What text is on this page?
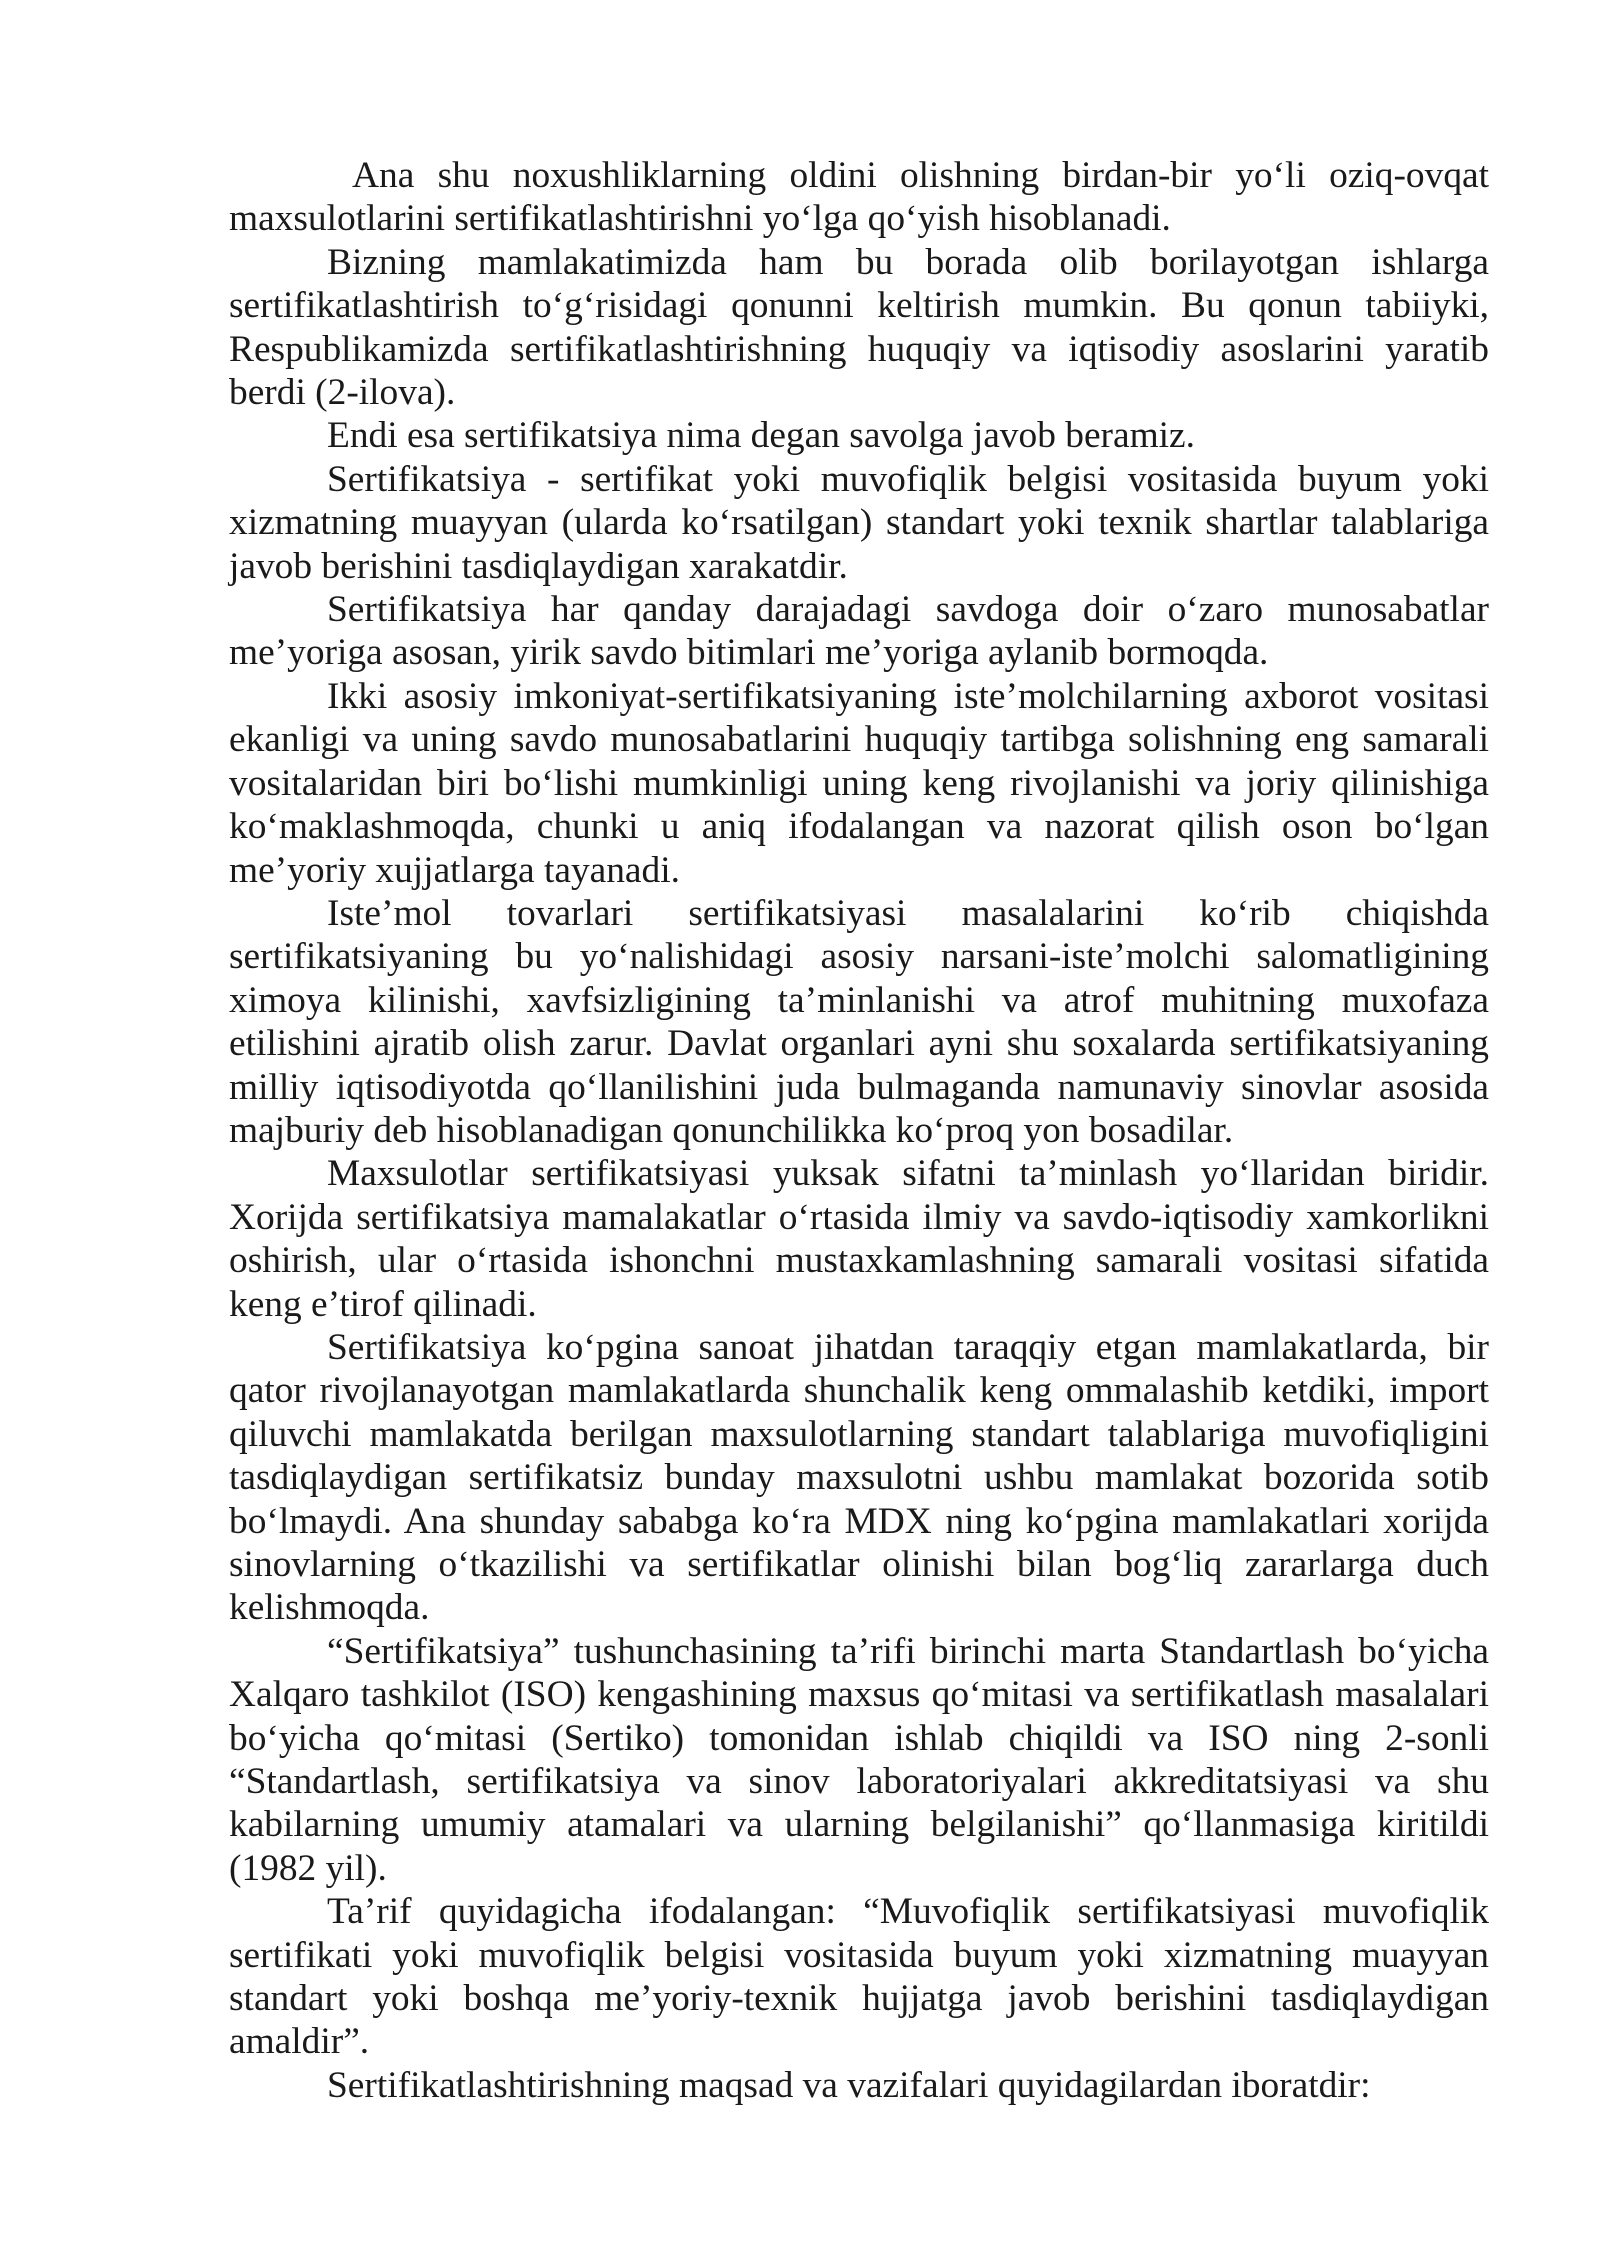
Ana shu noxushliklarning oldini olishning birdan-bir yo‘li oziq-ovqat
maxsulotlarini sertifikatlashtirishni yo‘lga qo‘yish hisoblanadi.
Bizning mamlakatimizda ham bu borada olib borilayotgan ishlarga
sertifikatlashtirish to‘g‘risidagi qonunni keltirish mumkin. Bu qonun tabiiyki,
Respublikamizda sertifikatlashtirishning huquqiy va iqtisodiy asoslarini yaratib
berdi (2-ilova).
Endi esa sertifikatsiya nima degan savolga javob beramiz.
Sertifikatsiya - sertifikat yoki muvofiqlik belgisi vositasida buyum yoki
xizmatning muayyan (ularda ko‘rsatilgan) standart yoki texnik shartlar talablariga
javob berishini tasdiqlaydigan xarakatdir.
Sertifikatsiya har qanday darajadagi savdoga doir o‘zaro munosabatlar
me’yoriga asosan, yirik savdo bitimlari me’yoriga aylanib bormoqda.
Ikki asosiy imkoniyat-sertifikatsiyaning iste’molchilarning axborot vositasi
ekanligi va uning savdo munosabatlarini huquqiy tartibga solishning eng samarali
vositalaridan biri bo‘lishi mumkinligi uning keng rivojlanishi va joriy qilinishiga
ko‘maklashmoqda, chunki u aniq ifodalangan va nazorat qilish oson bo‘lgan
me’yoriy xujjatlarga tayanadi.
Iste’mol tovarlari sertifikatsiyasi masalalarini ko‘rib chiqishda
sertifikatsiyaning bu yo‘nalishidagi asosiy narsani-iste’molchi salomatligining
ximoya kilinishi, xavfsizligining ta’minlanishi va atrof muhitning muxofaza
etilishini ajratib olish zarur. Davlat organlari ayni shu soxalarda sertifikatsiyaning
milliy iqtisodiyotda qo‘llanilishini juda bulmaganda namunaviy sinovlar asosida
majburiy deb hisoblanadigan qonunchilikka ko‘proq yon bosadilar.
Maxsulotlar sertifikatsiyasi yuksak sifatni ta’minlash yo‘llaridan biridir.
Xorijda sertifikatsiya mamalakatlar o‘rtasida ilmiy va savdo-iqtisodiy xamkorlikni
oshirish, ular o‘rtasida ishonchni mustaxkamlashning samarali vositasi sifatida
keng e’tirof qilinadi.
Sertifikatsiya ko‘pgina sanoat jihatdan taraqqiy etgan mamlakatlarda, bir
qator rivojlanayotgan mamlakatlarda shunchalik keng ommalashib ketdiki, import
qiluvchi mamlakatda berilgan maxsulotlarning standart talablariga muvofiqligini
tasdiqlaydigan sertifikatsiz bunday maxsulotni ushbu mamlakat bozorida sotib
bo‘lmaydi. Ana shunday sababga ko‘ra MDX ning ko‘pgina mamlakatlari xorijda
sinovlarning o‘tkazilishi va sertifikatlar olinishi bilan bog‘liq zararlarga duch
kelishmoqda.
“Sertifikatsiya” tushunchasining ta’rifi birinchi marta Standartlash bo‘yicha
Xalqaro tashkilot (ISO) kengashining maxsus qo‘mitasi va sertifikatlash masalalari
bo‘yicha qo‘mitasi (Sertiko) tomonidan ishlab chiqildi va ISO ning 2-sonli
“Standartlash, sertifikatsiya va sinov laboratoriyalari akkreditatsiyasi va shu
kabilarning umumiy atamalari va ularning belgilanishi” qo‘llanmasiga kiritildi
(1982 yil).
Ta’rif quyidagicha ifodalangan: “Muvofiqlik sertifikatsiyasi muvofiqlik
sertifikati yoki muvofiqlik belgisi vositasida buyum yoki xizmatning muayyan
standart yoki boshqa me’yoriy-texnik hujjatga javob berishini tasdiqlaydigan
amaldir”.
Sertifikatlashtirishning maqsad va vazifalari quyidagilardan iboratdir:
